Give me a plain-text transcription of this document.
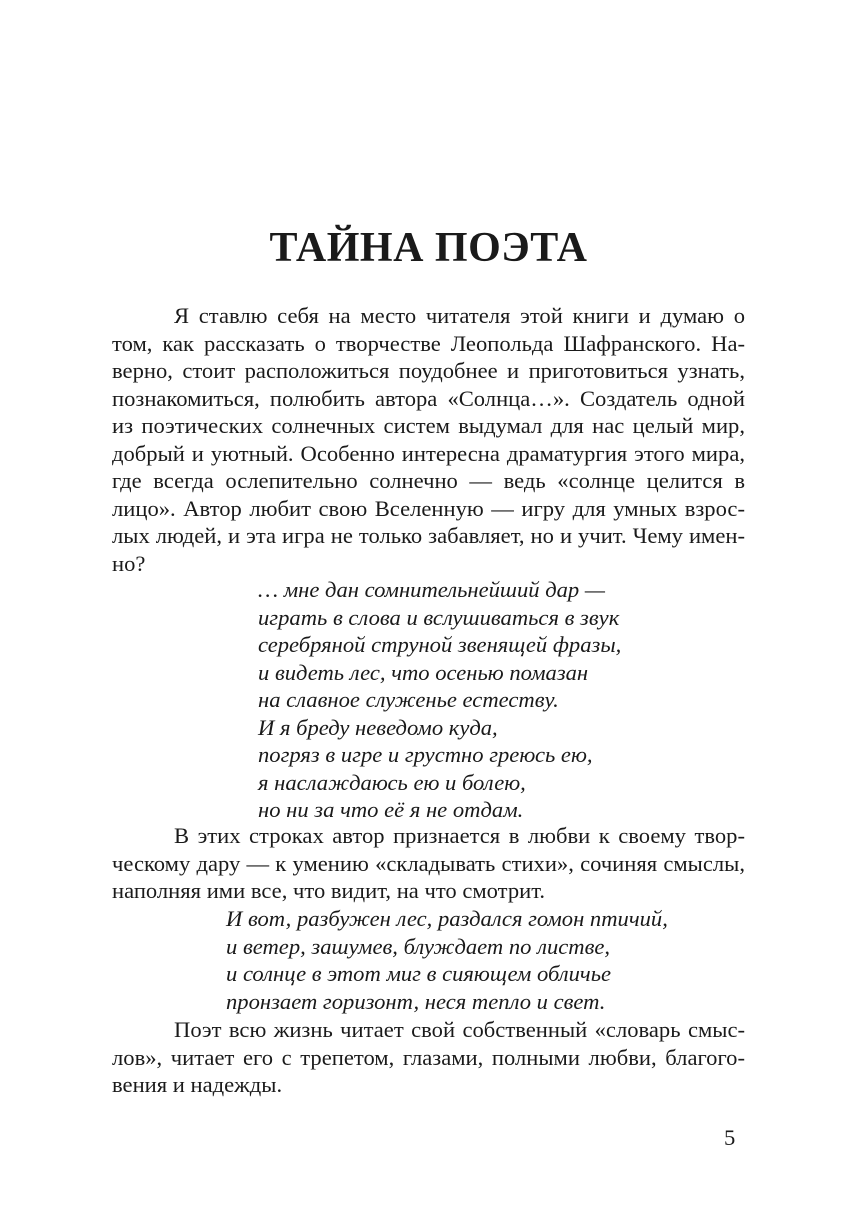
ТАЙНА ПОЭТА
Я ставлю себя на место читателя этой книги и думаю о
том, как рассказать о творчестве Леопольда Шафранского. На-
верно, стоит расположиться поудобнее и приготовиться узнать,
познакомиться, полюбить автора «Солнца…». Создатель одной
из поэтических солнечных систем выдумал для нас целый мир,
добрый и уютный. Особенно интересна драматургия этого мира,
где всегда ослепительно солнечно — ведь «солнце целится в
лицо». Автор любит свою Вселенную — игру для умных взрос-
лых людей, и эта игра не только забавляет, но и учит. Чему имен-
но?
… мне дан сомнительнейший дар —
играть в слова и вслушиваться в звук
серебряной струной звенящей фразы,
и видеть лес, что осенью помазан
на славное служенье естеству.
И я бреду неведомо куда,
погряз в игре и грустно греюсь ею,
я наслаждаюсь ею и болею,
но ни за что её я не отдам.
В этих строках автор признается в любви к своему твор-
ческому дару — к умению «складывать стихи», сочиняя смыслы,
наполняя ими все, что видит, на что смотрит.
И вот, разбужен лес, раздался гомон птичий,
и ветер, зашумев, блуждает по листве,
и солнце в этот миг в сияющем обличье
пронзает горизонт, неся тепло и свет.
Поэт всю жизнь читает свой собственный «словарь смыс-
лов», читает его с трепетом, глазами, полными любви, благого-
вения и надежды.
5
